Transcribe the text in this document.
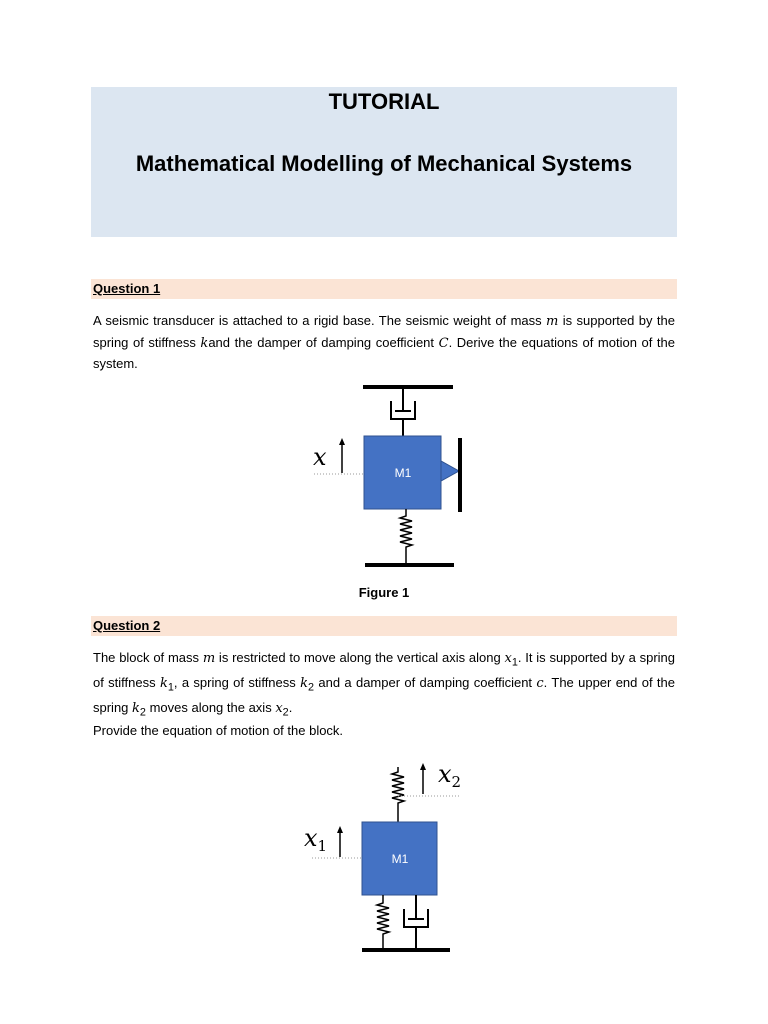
TUTORIAL
Mathematical Modelling of Mechanical Systems
Question 1
A seismic transducer is attached to a rigid base. The seismic weight of mass m is supported by the spring of stiffness kand the damper of damping coefficient C. Derive the equations of motion of the system.
M1
x
Figure 1
Question 2
The block of mass m is restricted to move along the vertical axis along $x_1$. It is supported by a spring of stiffness $k_1$, a spring of stiffness $k_2$ and a damper of damping coefficient c. The upper end of the spring $k_2$ moves along the axis $x_2$.
Provide the equation of motion of the block.
$x_2$
M1
$x_1$
